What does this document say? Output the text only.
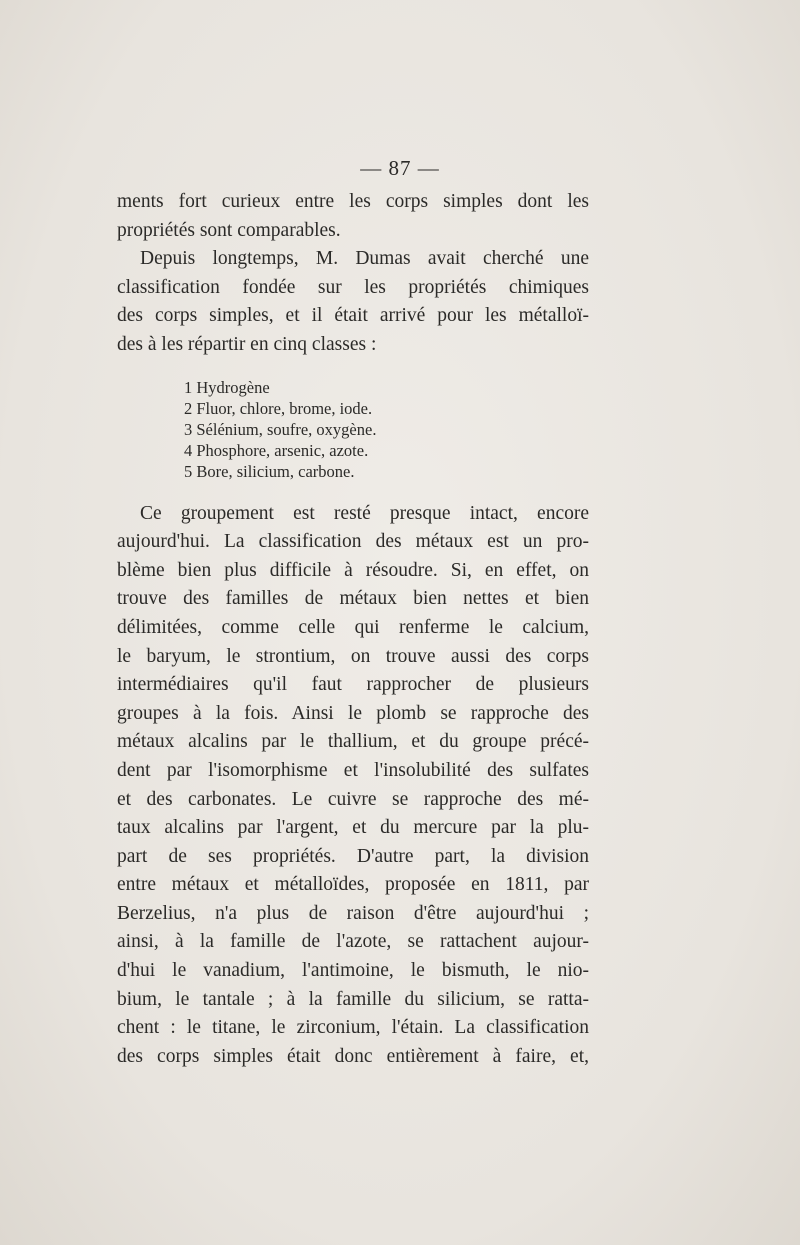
— 87 —

ments fort curieux entre les corps simples dont les
propriétés sont comparables.

Depuis longtemps, M. Dumas avait cherché une
classification fondée sur les propriétés chimiques
des corps simples, et il était arrivé pour les métalloï-
des à les répartir en cinq classes :

1 Hydrogène
2 Fluor, chlore, brome, iode.
3 Sélénium, soufre, oxygène.
4 Phosphore, arsenic, azote.
5 Bore, silicium, carbone.

Ce groupement est resté presque intact, encore
aujourd'hui. La classification des métaux est un pro-
blème bien plus difficile à résoudre. Si, en effet, on
trouve des familles de métaux bien nettes et bien
délimitées, comme celle qui renferme le calcium,
le baryum, le strontium, on trouve aussi des corps
intermédiaires qu'il faut rapprocher de plusieurs
groupes à la fois. Ainsi le plomb se rapproche des
métaux alcalins par le thallium, et du groupe précé-
dent par l'isomorphisme et l'insolubilité des sulfates
et des carbonates. Le cuivre se rapproche des mé-
taux alcalins par l'argent, et du mercure par la plu-
part de ses propriétés. D'autre part, la division
entre métaux et métalloïdes, proposée en 1811, par
Berzelius, n'a plus de raison d'être aujourd'hui ;
ainsi, à la famille de l'azote, se rattachent aujour-
d'hui le vanadium, l'antimoine, le bismuth, le nio-
bium, le tantale ; à la famille du silicium, se ratta-
chent : le titane, le zirconium, l'étain. La classification
des corps simples était donc entièrement à faire, et,
